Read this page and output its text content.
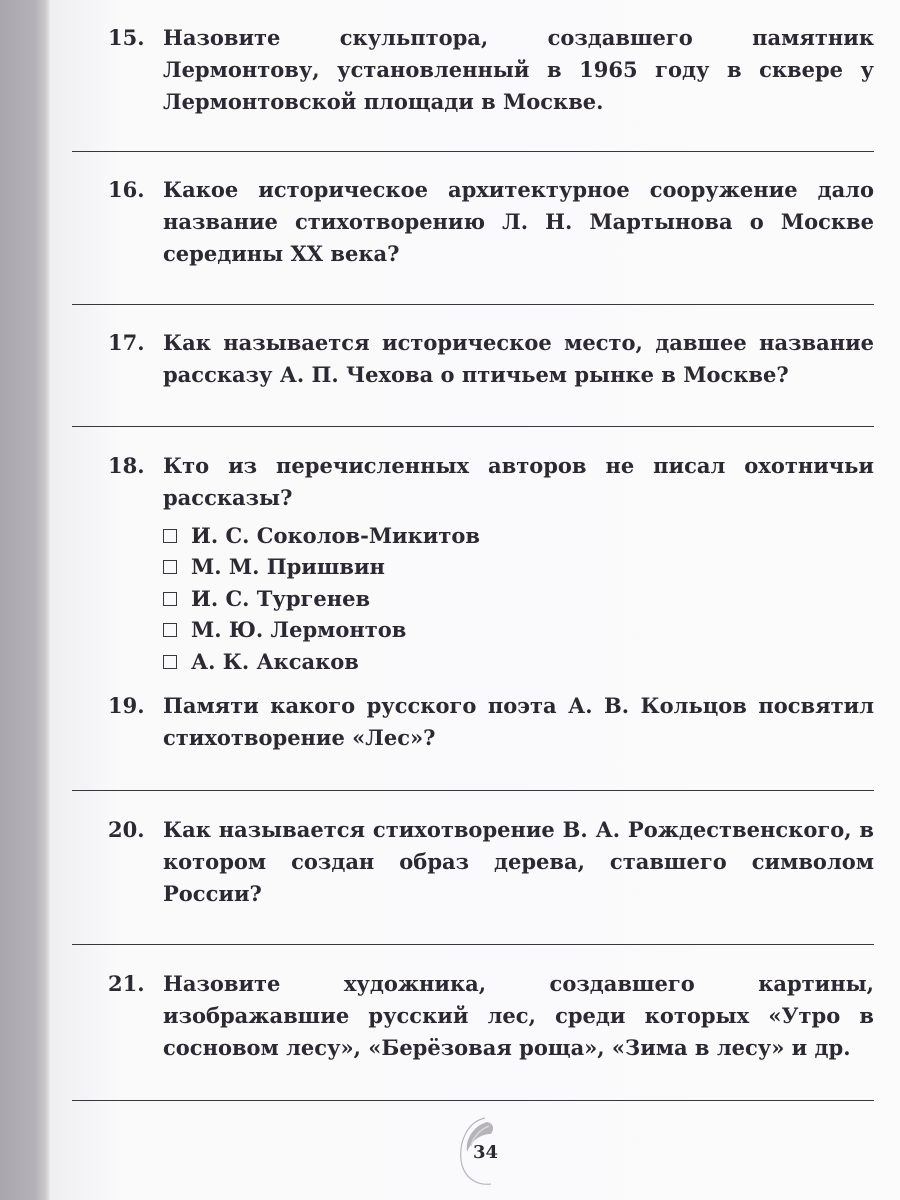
15. Назовите скульптора, создавшего памятник Лермонтову, установленный в 1965 году в сквере у Лермонтовской площади в Москве.
16. Какое историческое архитектурное сооружение дало название стихотворению Л. Н. Мартынова о Москве середины XX века?
17. Как называется историческое место, давшее название рассказу А. П. Чехова о птичьем рынке в Москве?
18. Кто из перечисленных авторов не писал охотничьи рассказы?
И. С. Соколов-Микитов
М. М. Пришвин
И. С. Тургенев
М. Ю. Лермонтов
А. К. Аксаков
19. Памяти какого русского поэта А. В. Кольцов посвятил стихотворение «Лес»?
20. Как называется стихотворение В. А. Рождественского, в котором создан образ дерева, ставшего символом России?
21. Назовите художника, создавшего картины, изображавшие русский лес, среди которых «Утро в сосновом лесу», «Берёзовая роща», «Зима в лесу» и др.
34
